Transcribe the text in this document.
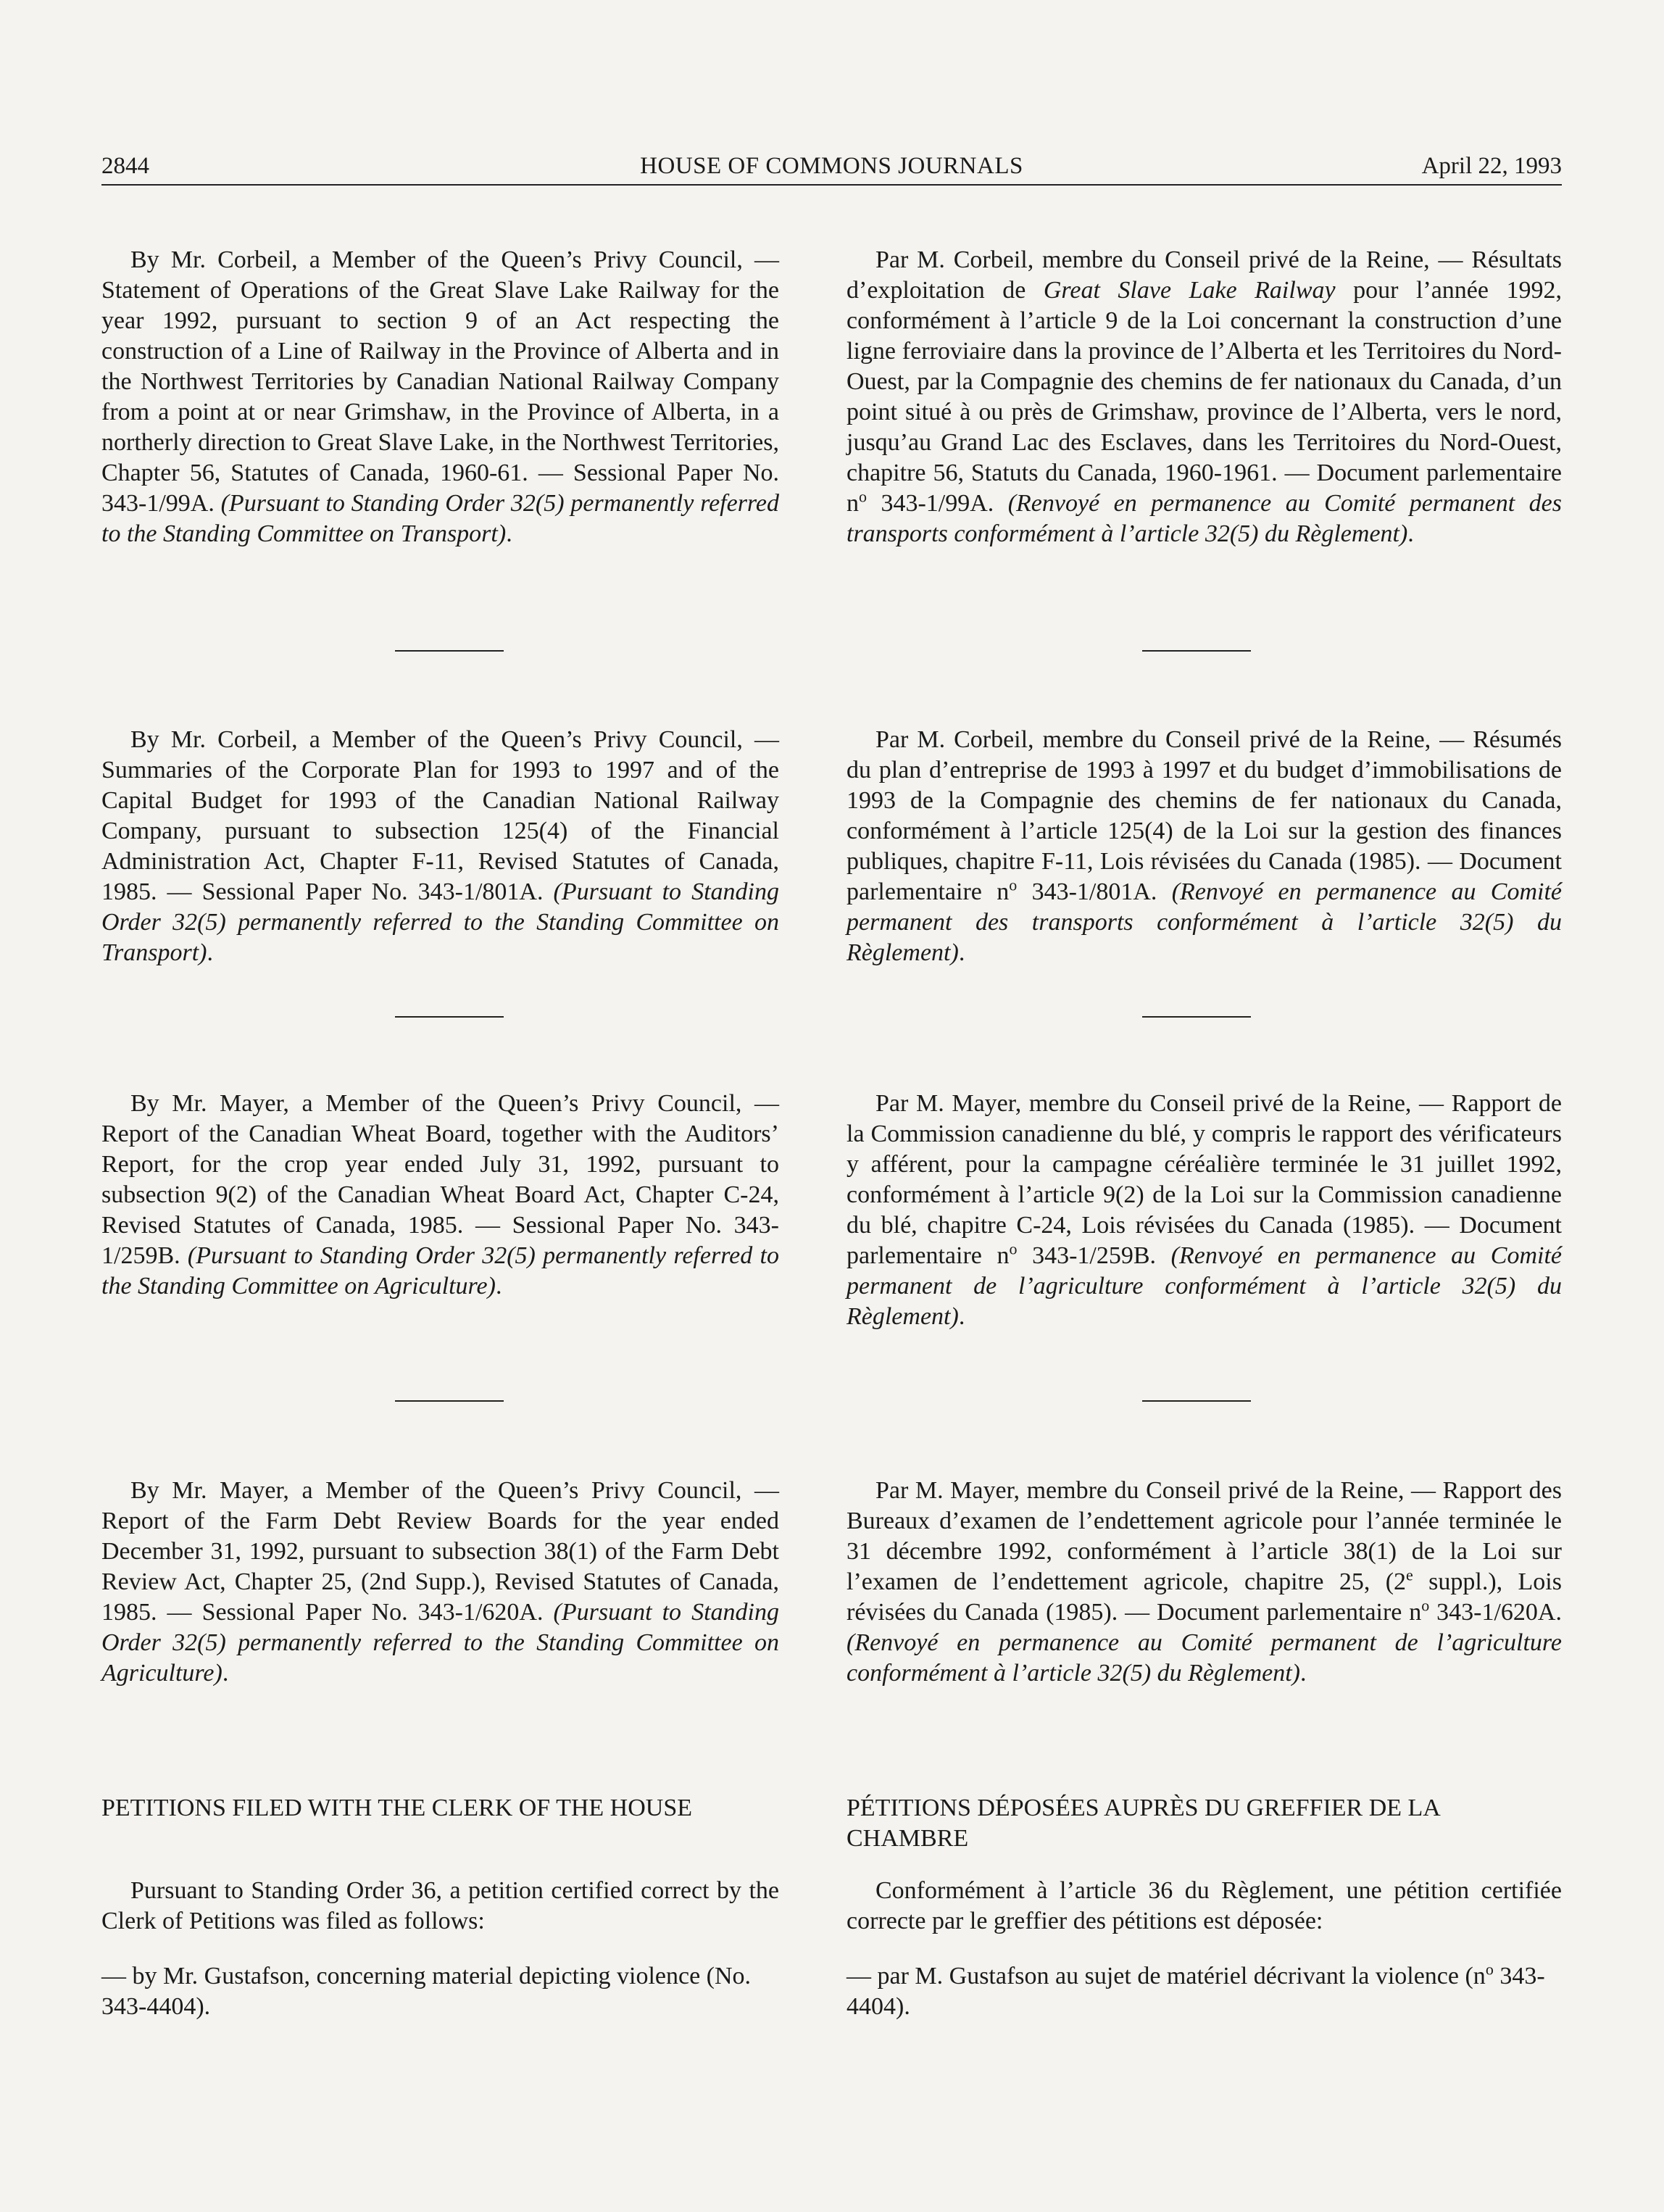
2844	HOUSE OF COMMONS JOURNALS	April 22, 1993

By Mr. Corbeil, a Member of the Queen’s Privy Council, — Statement of Operations of the Great Slave Lake Railway for the year 1992, pursuant to section 9 of an Act respecting the construction of a Line of Railway in the Province of Alberta and in the Northwest Territories by Canadian National Railway Company from a point at or near Grimshaw, in the Province of Alberta, in a northerly direction to Great Slave Lake, in the Northwest Territories, Chapter 56, Statutes of Canada, 1960-61. — Sessional Paper No. 343-1/99A. (Pursuant to Standing Order 32(5) permanently referred to the Standing Committee on Transport).

By Mr. Corbeil, a Member of the Queen’s Privy Council, — Summaries of the Corporate Plan for 1993 to 1997 and of the Capital Budget for 1993 of the Canadian National Railway Company, pursuant to subsection 125(4) of the Financial Administration Act, Chapter F-11, Revised Statutes of Canada, 1985. — Sessional Paper No. 343-1/801A. (Pursuant to Standing Order 32(5) permanently referred to the Standing Committee on Transport).

By Mr. Mayer, a Member of the Queen’s Privy Council, — Report of the Canadian Wheat Board, together with the Auditors’ Report, for the crop year ended July 31, 1992, pursuant to subsection 9(2) of the Canadian Wheat Board Act, Chapter C-24, Revised Statutes of Canada, 1985. — Sessional Paper No. 343-1/259B. (Pursuant to Standing Order 32(5) permanently referred to the Standing Committee on Agriculture).

By Mr. Mayer, a Member of the Queen’s Privy Council, — Report of the Farm Debt Review Boards for the year ended December 31, 1992, pursuant to subsection 38(1) of the Farm Debt Review Act, Chapter 25, (2nd Supp.), Revised Statutes of Canada, 1985. — Sessional Paper No. 343-1/620A. (Pursuant to Standing Order 32(5) permanently referred to the Standing Committee on Agriculture).

PETITIONS FILED WITH THE CLERK OF THE HOUSE

Pursuant to Standing Order 36, a petition certified correct by the Clerk of Petitions was filed as follows:

— by Mr. Gustafson, concerning material depicting violence (No. 343-4404).

Par M. Corbeil, membre du Conseil privé de la Reine, — Résultats d’exploitation de Great Slave Lake Railway pour l’année 1992, conformément à l’article 9 de la Loi concernant la construction d’une ligne ferroviaire dans la province de l’Alberta et les Territoires du Nord-Ouest, par la Compagnie des chemins de fer nationaux du Canada, d’un point situé à ou près de Grimshaw, province de l’Alberta, vers le nord, jusqu’au Grand Lac des Esclaves, dans les Territoires du Nord-Ouest, chapitre 56, Statuts du Canada, 1960-1961. — Document parlementaire $n^o$ 343-1/99A. (Renvoyé en permanence au Comité permanent des transports conformément à l’article 32(5) du Règlement).

Par M. Corbeil, membre du Conseil privé de la Reine, — Résumés du plan d’entreprise de 1993 à 1997 et du budget d’immobilisations de 1993 de la Compagnie des chemins de fer nationaux du Canada, conformément à l’article 125(4) de la Loi sur la gestion des finances publiques, chapitre F-11, Lois révisées du Canada (1985). — Document parlementaire $n^o$ 343-1/801A. (Renvoyé en permanence au Comité permanent des transports conformément à l’article 32(5) du Règlement).

Par M. Mayer, membre du Conseil privé de la Reine, — Rapport de la Commission canadienne du blé, y compris le rapport des vérificateurs y afférent, pour la campagne céréalière terminée le 31 juillet 1992, conformément à l’article 9(2) de la Loi sur la Commission canadienne du blé, chapitre C-24, Lois révisées du Canada (1985). — Document parlementaire $n^o$ 343-1/259B. (Renvoyé en permanence au Comité permanent de l’agriculture conformément à l’article 32(5) du Règlement).

Par M. Mayer, membre du Conseil privé de la Reine, — Rapport des Bureaux d’examen de l’endettement agricole pour l’année terminée le 31 décembre 1992, conformément à l’article 38(1) de la Loi sur l’examen de l’endettement agricole, chapitre 25, (2e suppl.), Lois révisées du Canada (1985). — Document parlementaire $n^o$ 343-1/620A. (Renvoyé en permanence au Comité permanent de l’agriculture conformément à l’article 32(5) du Règlement).

PÉTITIONS DÉPOSÉES AUPRÈS DU GREFFIER DE LA CHAMBRE

Conformément à l’article 36 du Règlement, une pétition certifiée correcte par le greffier des pétitions est déposée:

— par M. Gustafson au sujet de matériel décrivant la violence ($n^o$ 343-4404).
